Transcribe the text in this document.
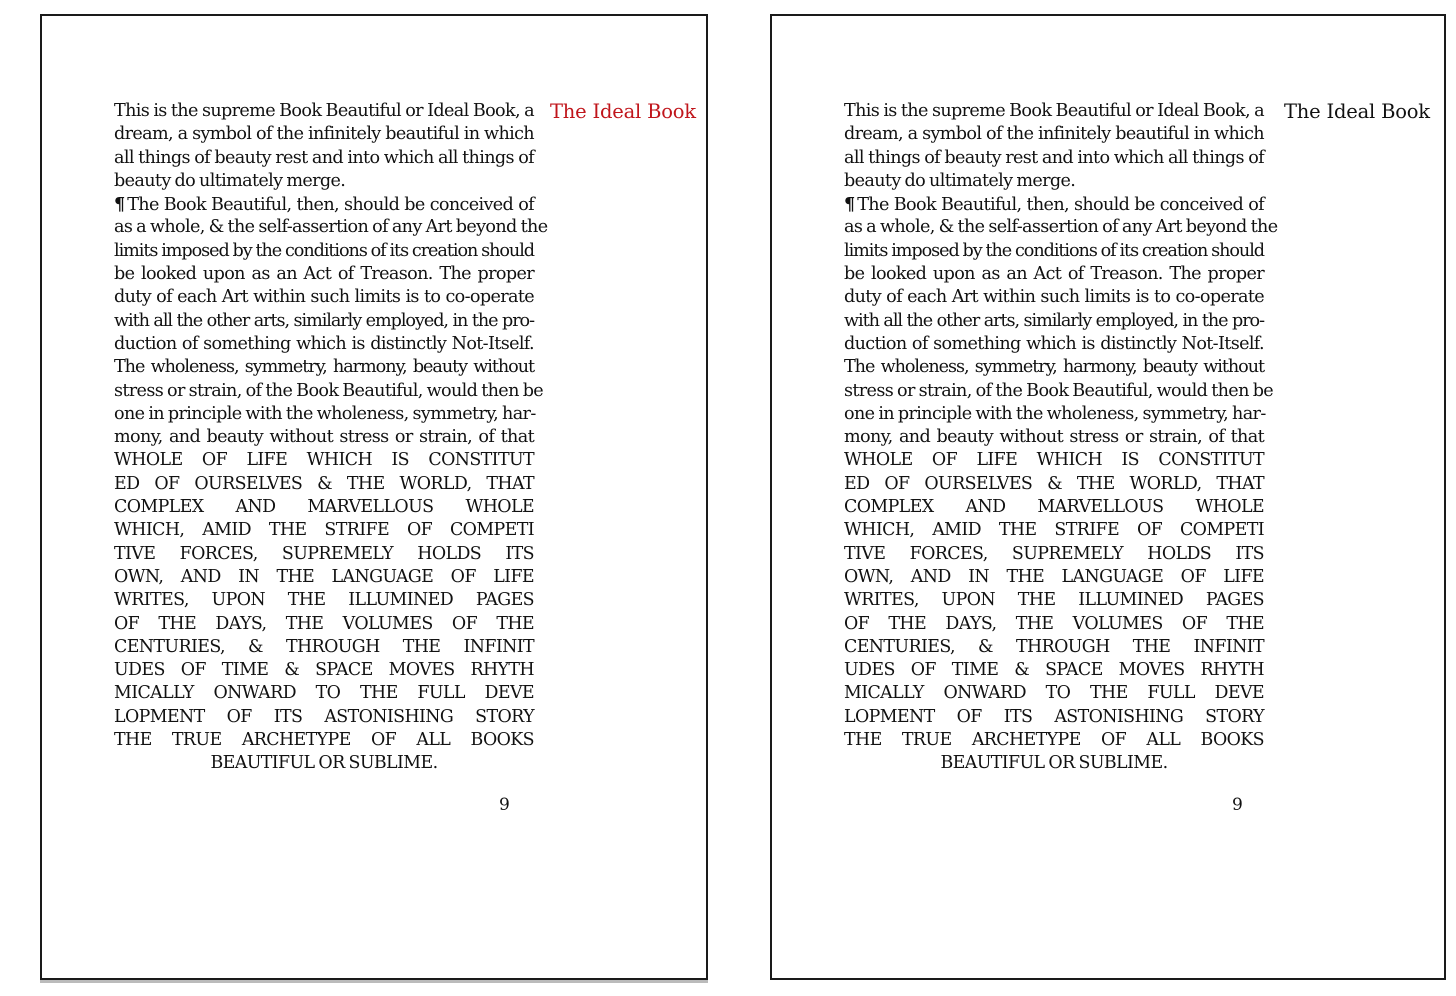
The Ideal Book
This is the supreme Book Beautiful or Ideal Book, a
dream, a symbol of the infinitely beautiful in which
all things of beauty rest and into which all things of
beauty do ultimately merge.
¶ The Book Beautiful, then, should be conceived of
as a whole, & the self-assertion of any Art beyond the
limits imposed by the conditions of its creation should
be looked upon as an Act of Treason. The proper
duty of each Art within such limits is to co-operate
with all the other arts, similarly employed, in the pro-
duction of something which is distinctly Not-Itself.
The wholeness, symmetry, harmony, beauty without
stress or strain, of the Book Beautiful, would then be
one in principle with the wholeness, symmetry, har-
mony, and beauty without stress or strain, of that
WHOLE OF LIFE WHICH IS CONSTITUT
ED OF OURSELVES & THE WORLD, THAT
COMPLEX AND MARVELLOUS WHOLE
WHICH, AMID THE STRIFE OF COMPETI
TIVE FORCES, SUPREMELY HOLDS ITS
OWN, AND IN THE LANGUAGE OF LIFE
WRITES, UPON THE ILLUMINED PAGES
OF THE DAYS, THE VOLUMES OF THE
CENTURIES, & THROUGH THE INFINIT
UDES OF TIME & SPACE MOVES RHYTH
MICALLY ONWARD TO THE FULL DEVE
LOPMENT OF ITS ASTONISHING STORY
THE TRUE ARCHETYPE OF ALL BOOKS
BEAUTIFUL OR SUBLIME.
9
The Ideal Book
This is the supreme Book Beautiful or Ideal Book, a
dream, a symbol of the infinitely beautiful in which
all things of beauty rest and into which all things of
beauty do ultimately merge.
¶ The Book Beautiful, then, should be conceived of
as a whole, & the self-assertion of any Art beyond the
limits imposed by the conditions of its creation should
be looked upon as an Act of Treason. The proper
duty of each Art within such limits is to co-operate
with all the other arts, similarly employed, in the pro-
duction of something which is distinctly Not-Itself.
The wholeness, symmetry, harmony, beauty without
stress or strain, of the Book Beautiful, would then be
one in principle with the wholeness, symmetry, har-
mony, and beauty without stress or strain, of that
WHOLE OF LIFE WHICH IS CONSTITUT
ED OF OURSELVES & THE WORLD, THAT
COMPLEX AND MARVELLOUS WHOLE
WHICH, AMID THE STRIFE OF COMPETI
TIVE FORCES, SUPREMELY HOLDS ITS
OWN, AND IN THE LANGUAGE OF LIFE
WRITES, UPON THE ILLUMINED PAGES
OF THE DAYS, THE VOLUMES OF THE
CENTURIES, & THROUGH THE INFINIT
UDES OF TIME & SPACE MOVES RHYTH
MICALLY ONWARD TO THE FULL DEVE
LOPMENT OF ITS ASTONISHING STORY
THE TRUE ARCHETYPE OF ALL BOOKS
BEAUTIFUL OR SUBLIME.
9
